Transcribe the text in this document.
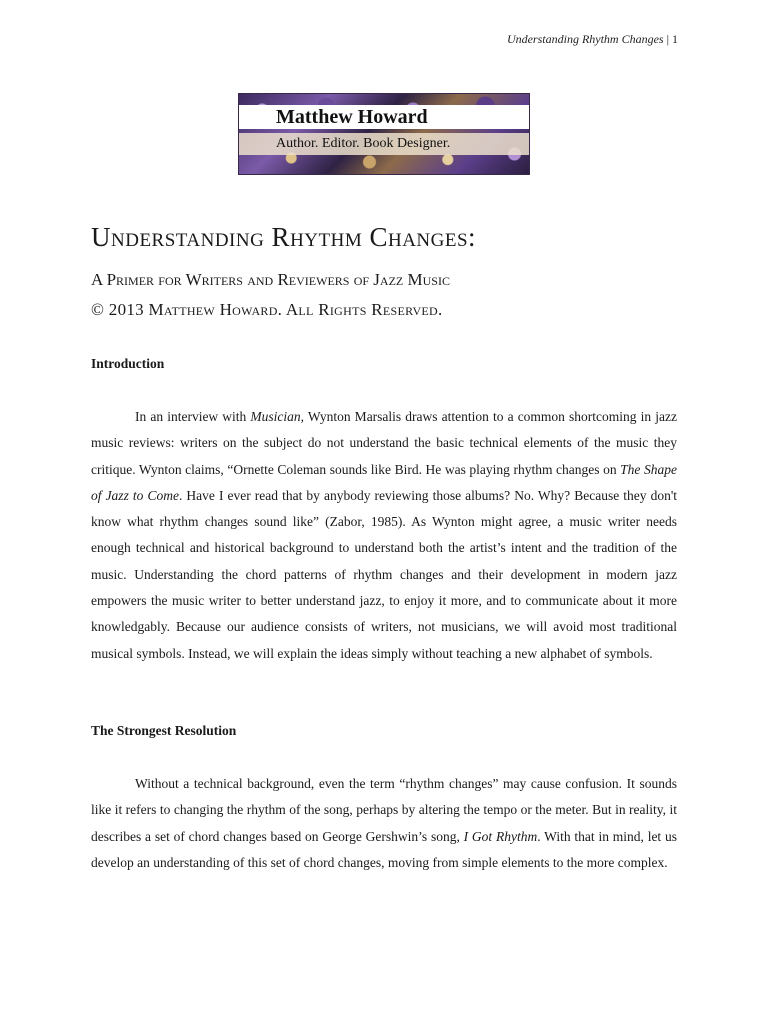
Understanding Rhythm Changes | 1
Matthew Howard
Author. Editor. Book Designer.
Understanding Rhythm Changes:

A Primer for Writers and Reviewers of Jazz Music

© 2013 Matthew Howard. All Rights Reserved.

Introduction

In an interview with Musician, Wynton Marsalis draws attention to a common shortcoming in jazz music reviews: writers on the subject do not understand the basic technical elements of the music they critique. Wynton claims, “Ornette Coleman sounds like Bird. He was playing rhythm changes on The Shape of Jazz to Come. Have I ever read that by anybody reviewing those albums? No. Why? Because they don't know what rhythm changes sound like” (Zabor, 1985). As Wynton might agree, a music writer needs enough technical and historical background to understand both the artist’s intent and the tradition of the music. Understanding the chord patterns of rhythm changes and their development in modern jazz empowers the music writer to better understand jazz, to enjoy it more, and to communicate about it more knowledgably. Because our audience consists of writers, not musicians, we will avoid most traditional musical symbols. Instead, we will explain the ideas simply without teaching a new alphabet of symbols.

The Strongest Resolution

Without a technical background, even the term “rhythm changes” may cause confusion. It sounds like it refers to changing the rhythm of the song, perhaps by altering the tempo or the meter. But in reality, it describes a set of chord changes based on George Gershwin’s song, I Got Rhythm. With that in mind, let us develop an understanding of this set of chord changes, moving from simple elements to the more complex.
